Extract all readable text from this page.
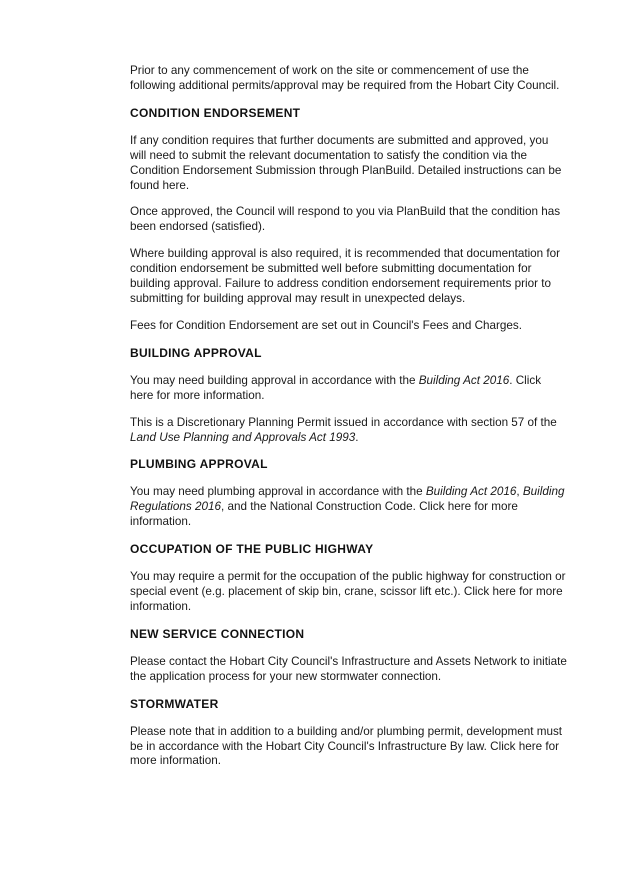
Prior to any commencement of work on the site or commencement of use the following additional permits/approval may be required from the Hobart City Council.

CONDITION ENDORSEMENT

If any condition requires that further documents are submitted and approved, you will need to submit the relevant documentation to satisfy the condition via the Condition Endorsement Submission through PlanBuild. Detailed instructions can be found here.

Once approved, the Council will respond to you via PlanBuild that the condition has been endorsed (satisfied).

Where building approval is also required, it is recommended that documentation for condition endorsement be submitted well before submitting documentation for building approval. Failure to address condition endorsement requirements prior to submitting for building approval may result in unexpected delays.

Fees for Condition Endorsement are set out in Council's Fees and Charges.

BUILDING APPROVAL

You may need building approval in accordance with the Building Act 2016. Click here for more information.

This is a Discretionary Planning Permit issued in accordance with section 57 of the Land Use Planning and Approvals Act 1993.

PLUMBING APPROVAL

You may need plumbing approval in accordance with the Building Act 2016, Building Regulations 2016, and the National Construction Code. Click here for more information.

OCCUPATION OF THE PUBLIC HIGHWAY

You may require a permit for the occupation of the public highway for construction or special event (e.g. placement of skip bin, crane, scissor lift etc.). Click here for more information.

NEW SERVICE CONNECTION

Please contact the Hobart City Council's Infrastructure and Assets Network to initiate the application process for your new stormwater connection.

STORMWATER

Please note that in addition to a building and/or plumbing permit, development must be in accordance with the Hobart City Council's Infrastructure By law. Click here for more information.
